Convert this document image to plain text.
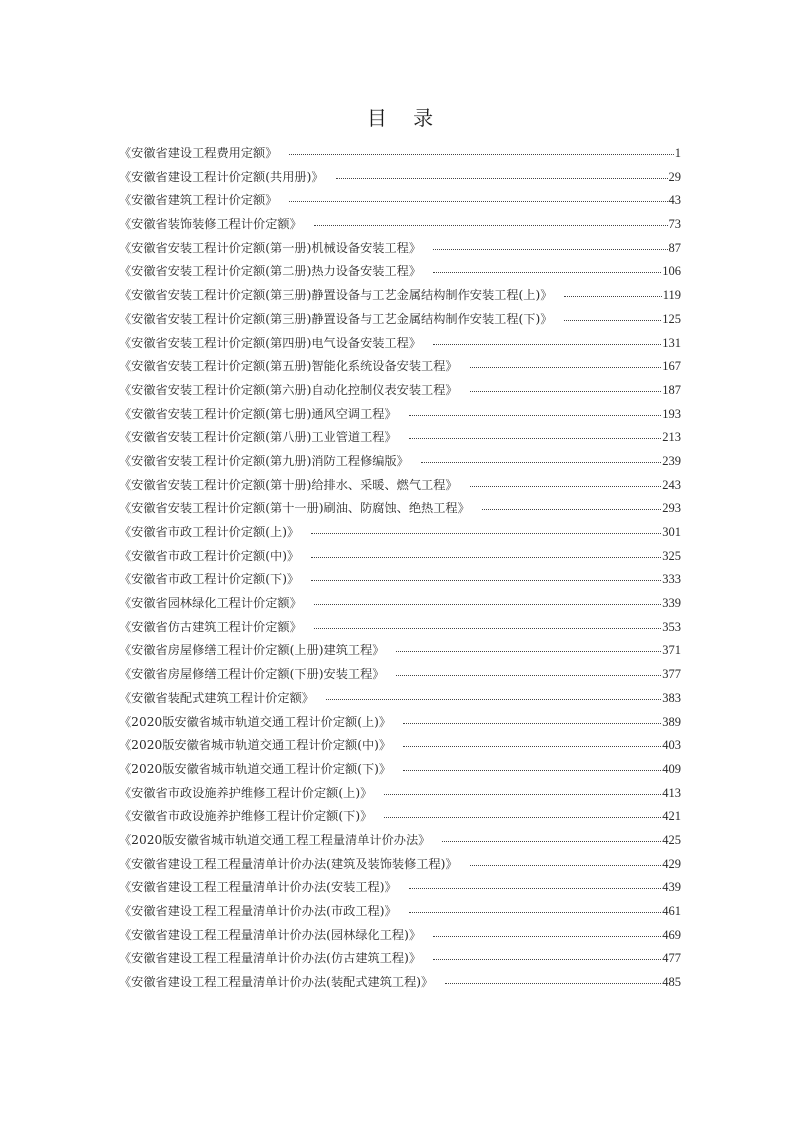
目 录
《安徽省建设工程费用定额》	1
《安徽省建设工程计价定额(共用册)》	29
《安徽省建筑工程计价定额》	43
《安徽省装饰装修工程计价定额》	73
《安徽省安装工程计价定额(第一册)机械设备安装工程》	87
《安徽省安装工程计价定额(第二册)热力设备安装工程》	106
《安徽省安装工程计价定额(第三册)静置设备与工艺金属结构制作安装工程(上)》	119
《安徽省安装工程计价定额(第三册)静置设备与工艺金属结构制作安装工程(下)》	125
《安徽省安装工程计价定额(第四册)电气设备安装工程》	131
《安徽省安装工程计价定额(第五册)智能化系统设备安装工程》	167
《安徽省安装工程计价定额(第六册)自动化控制仪表安装工程》	187
《安徽省安装工程计价定额(第七册)通风空调工程》	193
《安徽省安装工程计价定额(第八册)工业管道工程》	213
《安徽省安装工程计价定额(第九册)消防工程修编版》	239
《安徽省安装工程计价定额(第十册)给排水、采暖、燃气工程》	243
《安徽省安装工程计价定额(第十一册)刷油、防腐蚀、绝热工程》	293
《安徽省市政工程计价定额(上)》	301
《安徽省市政工程计价定额(中)》	325
《安徽省市政工程计价定额(下)》	333
《安徽省园林绿化工程计价定额》	339
《安徽省仿古建筑工程计价定额》	353
《安徽省房屋修缮工程计价定额(上册)建筑工程》	371
《安徽省房屋修缮工程计价定额(下册)安装工程》	377
《安徽省装配式建筑工程计价定额》	383
《2020版安徽省城市轨道交通工程计价定额(上)》	389
《2020版安徽省城市轨道交通工程计价定额(中)》	403
《2020版安徽省城市轨道交通工程计价定额(下)》	409
《安徽省市政设施养护维修工程计价定额(上)》	413
《安徽省市政设施养护维修工程计价定额(下)》	421
《2020版安徽省城市轨道交通工程工程量清单计价办法》	425
《安徽省建设工程工程量清单计价办法(建筑及装饰装修工程)》	429
《安徽省建设工程工程量清单计价办法(安装工程)》	439
《安徽省建设工程工程量清单计价办法(市政工程)》	461
《安徽省建设工程工程量清单计价办法(园林绿化工程)》	469
《安徽省建设工程工程量清单计价办法(仿古建筑工程)》	477
《安徽省建设工程工程量清单计价办法(装配式建筑工程)》	485
